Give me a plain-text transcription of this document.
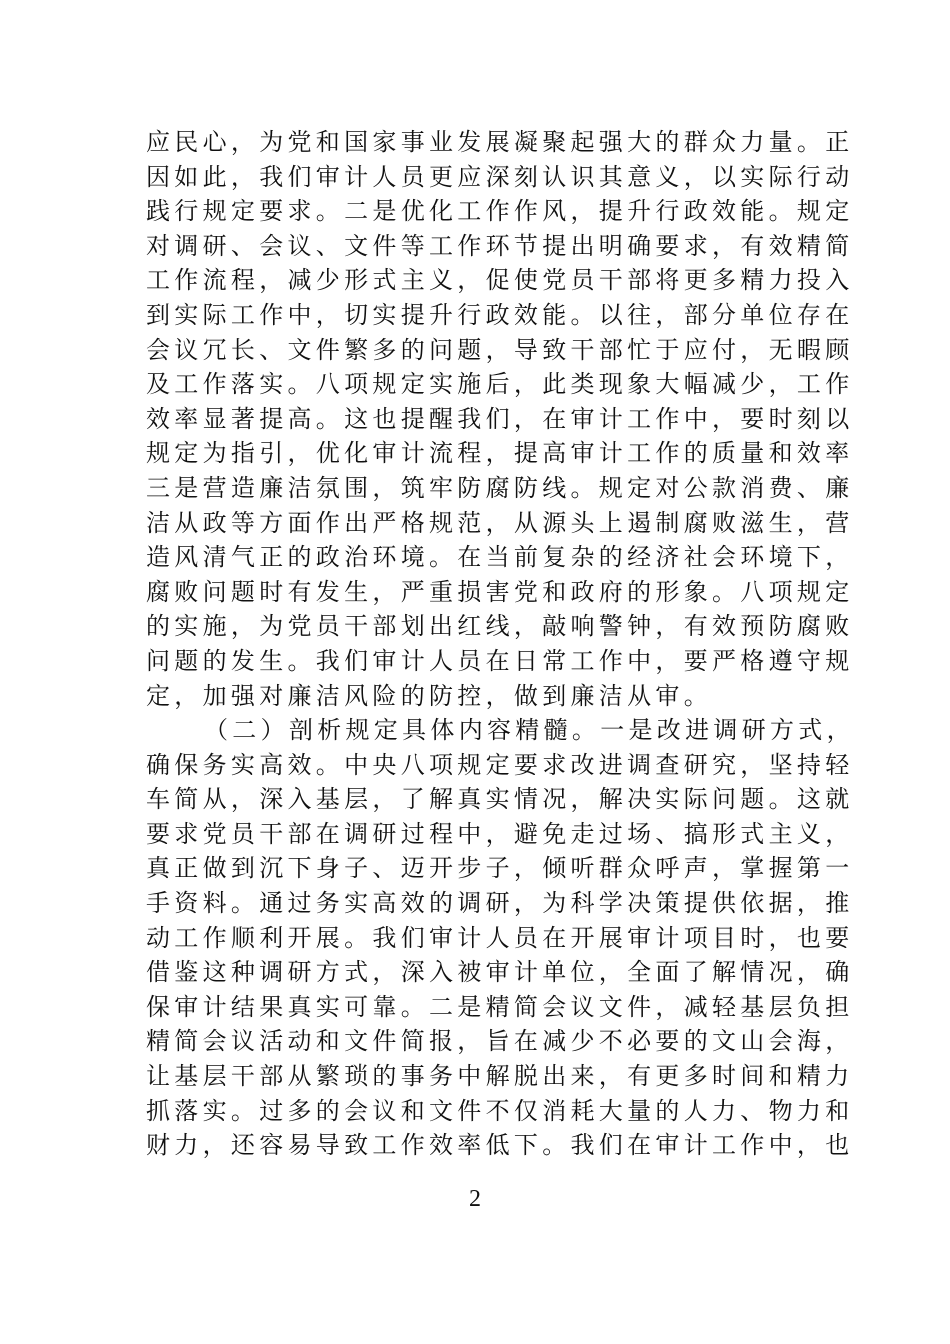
应民心，为党和国家事业发展凝聚起强大的群众力量。正
因如此，我们审计人员更应深刻认识其意义，以实际行动
践行规定要求。二是优化工作作风，提升行政效能。规定
对调研、会议、文件等工作环节提出明确要求，有效精简
工作流程，减少形式主义，促使党员干部将更多精力投入
到实际工作中，切实提升行政效能。以往，部分单位存在
会议冗长、文件繁多的问题，导致干部忙于应付，无暇顾
及工作落实。八项规定实施后，此类现象大幅减少，工作
效率显著提高。这也提醒我们，在审计工作中，要时刻以
规定为指引，优化审计流程，提高审计工作的质量和效率
三是营造廉洁氛围，筑牢防腐防线。规定对公款消费、廉
洁从政等方面作出严格规范，从源头上遏制腐败滋生，营
造风清气正的政治环境。在当前复杂的经济社会环境下，
腐败问题时有发生，严重损害党和政府的形象。八项规定
的实施，为党员干部划出红线，敲响警钟，有效预防腐败
问题的发生。我们审计人员在日常工作中，要严格遵守规
定，加强对廉洁风险的防控，做到廉洁从审。
（二）剖析规定具体内容精髓。一是改进调研方式，
确保务实高效。中央八项规定要求改进调查研究，坚持轻
车简从，深入基层，了解真实情况，解决实际问题。这就
要求党员干部在调研过程中，避免走过场、搞形式主义，
真正做到沉下身子、迈开步子，倾听群众呼声，掌握第一
手资料。通过务实高效的调研，为科学决策提供依据，推
动工作顺利开展。我们审计人员在开展审计项目时，也要
借鉴这种调研方式，深入被审计单位，全面了解情况，确
保审计结果真实可靠。二是精简会议文件，减轻基层负担
精简会议活动和文件简报，旨在减少不必要的文山会海，
让基层干部从繁琐的事务中解脱出来，有更多时间和精力
抓落实。过多的会议和文件不仅消耗大量的人力、物力和
财力，还容易导致工作效率低下。我们在审计工作中，也
2
